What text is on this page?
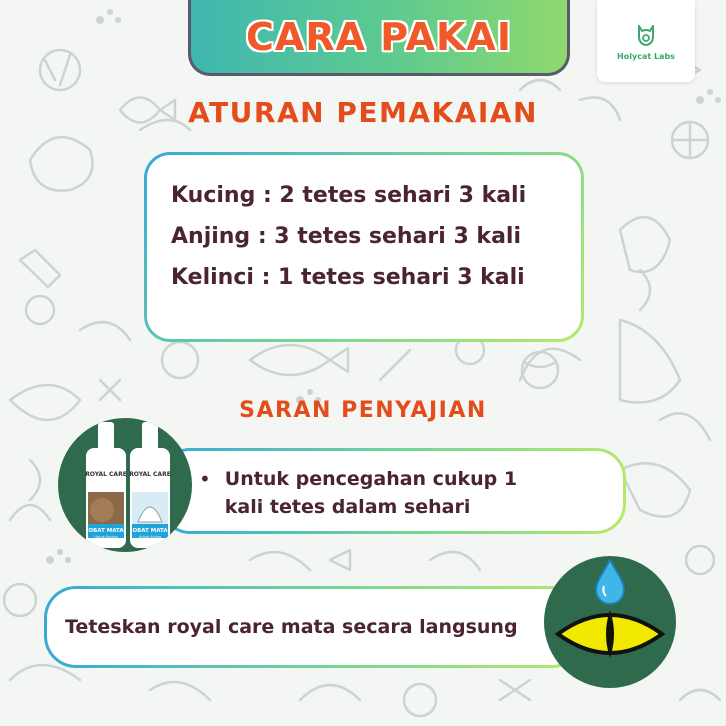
CARA PAKAI	Holycat Labs
ATURAN PEMAKAIAN
Kucing : 2 tetes sehari 3 kali
Anjing : 3 tetes sehari 3 kali
Kelinci : 1 tetes sehari 3 kali
SARAN PENYAJIAN
• Untuk pencegahan cukup 1 kali tetes dalam sehari
ROYAL CARE ROYAL CARE
OBAT MATA
Untuk Kucing
OBAT MATA
Untuk Anjing
Teteskan royal care mata secara langsung
